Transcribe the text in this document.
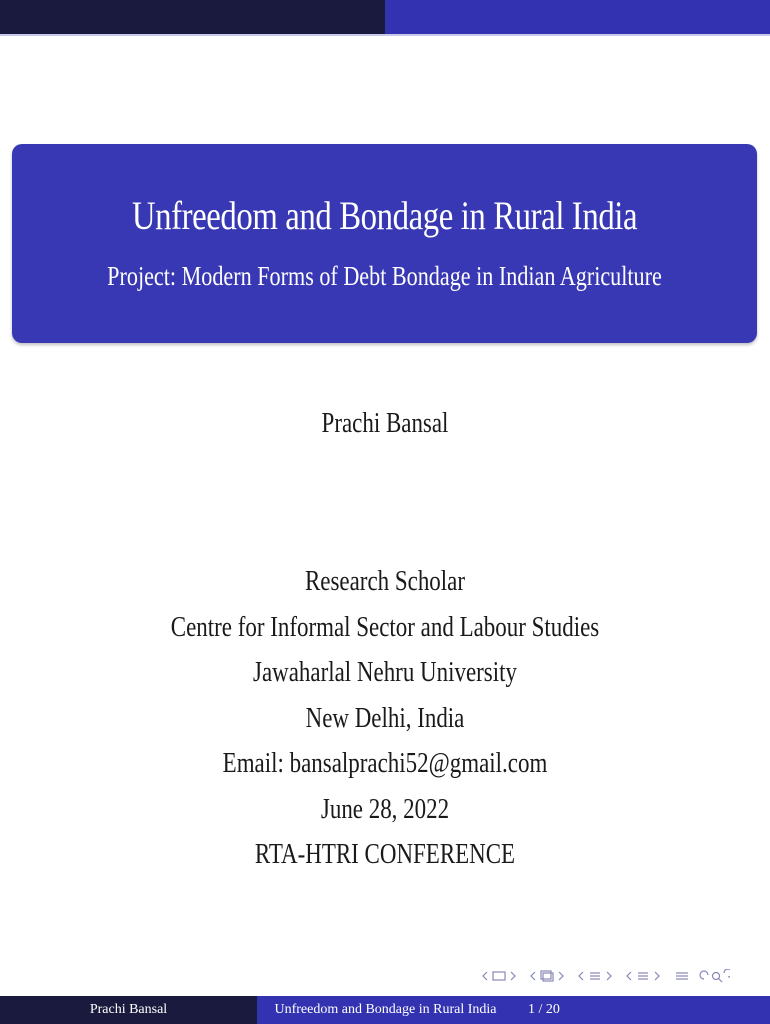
Unfreedom and Bondage in Rural India
Project: Modern Forms of Debt Bondage in Indian Agriculture
Prachi Bansal
Research Scholar
Centre for Informal Sector and Labour Studies
Jawaharlal Nehru University
New Delhi, India
Email: bansalprachi52@gmail.com
June 28, 2022
RTA-HTRI CONFERENCE
Prachi Bansal	Unfreedom and Bondage in Rural India	1 / 20
